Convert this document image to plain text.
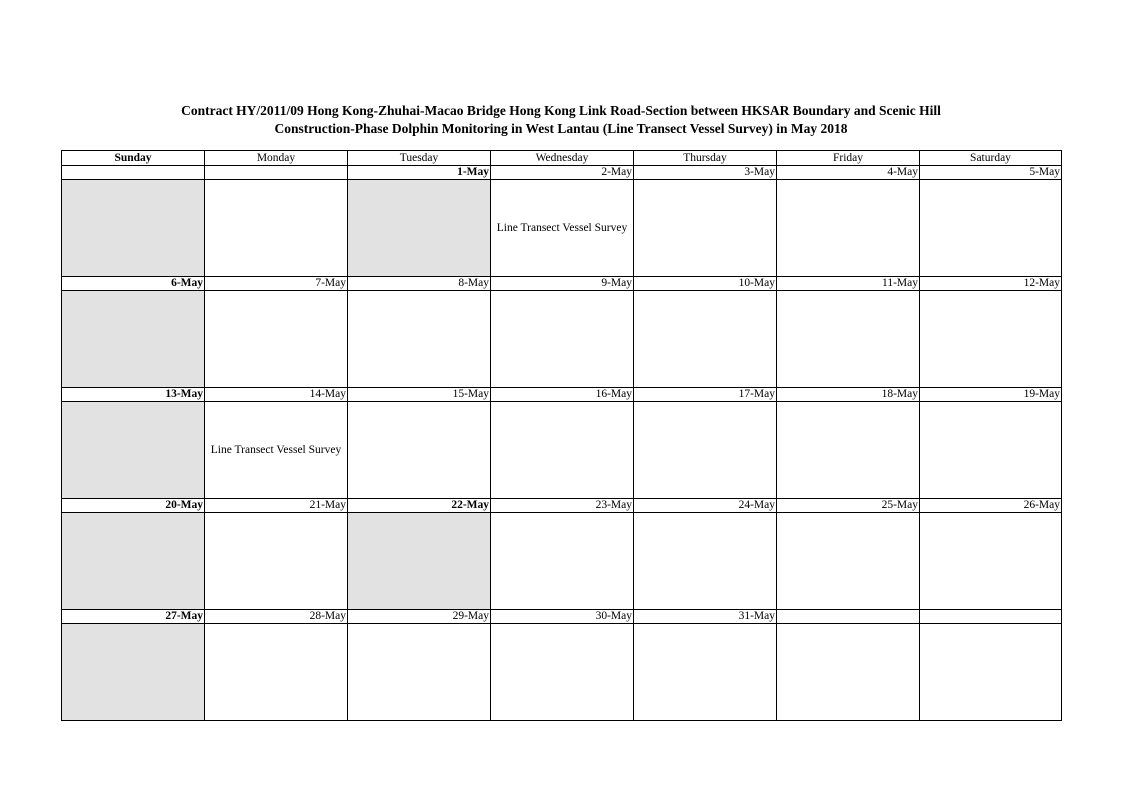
Contract HY/2011/09 Hong Kong-Zhuhai-Macao Bridge Hong Kong Link Road-Section between HKSAR Boundary and Scenic Hill
Construction-Phase Dolphin Monitoring in West Lantau (Line Transect Vessel Survey) in May 2018
Sunday	Monday	Tuesday	Wednesday	Thursday	Friday	Saturday
		1-May	2-May	3-May	4-May	5-May
			Line Transect Vessel Survey			
6-May	7-May	8-May	9-May	10-May	11-May	12-May

13-May	14-May	15-May	16-May	17-May	18-May	19-May
	Line Transect Vessel Survey					
20-May	21-May	22-May	23-May	24-May	25-May	26-May

27-May	28-May	29-May	30-May	31-May		
